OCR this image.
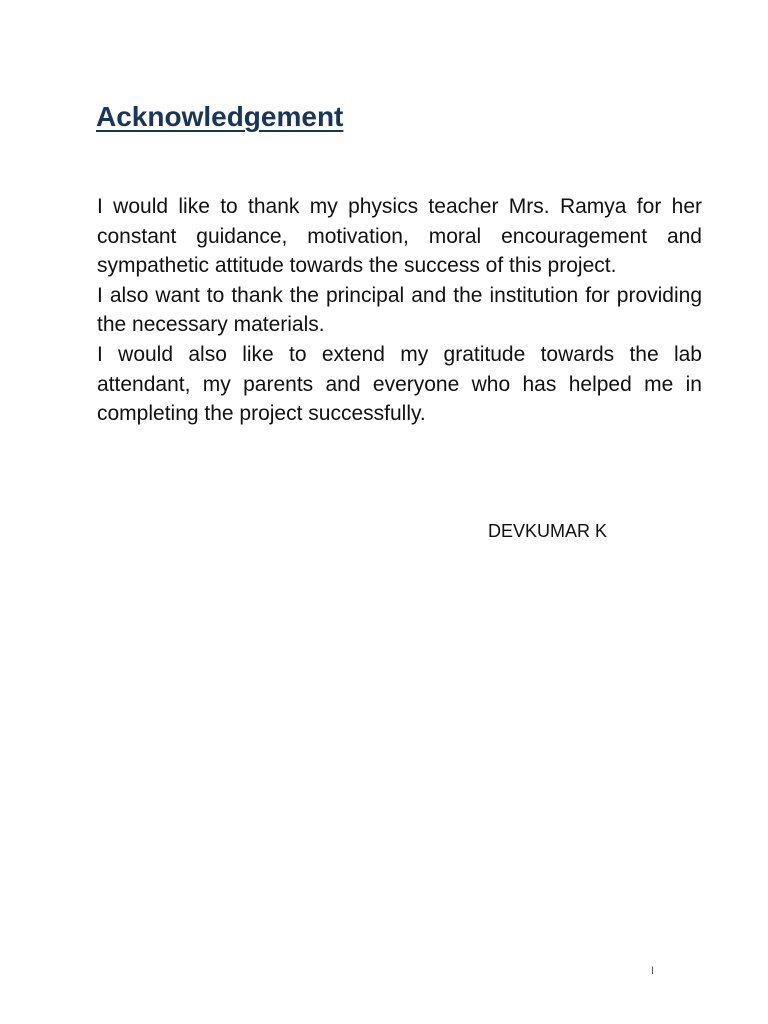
Acknowledgement

I would like to thank my physics teacher Mrs. Ramya for her constant guidance, motivation, moral encouragement and sympathetic attitude towards the success of this project.

I also want to thank the principal and the institution for providing the necessary materials.

I would also like to extend my gratitude towards the lab attendant, my parents and everyone who has helped me in completing the project successfully.

DEVKUMAR K

I
